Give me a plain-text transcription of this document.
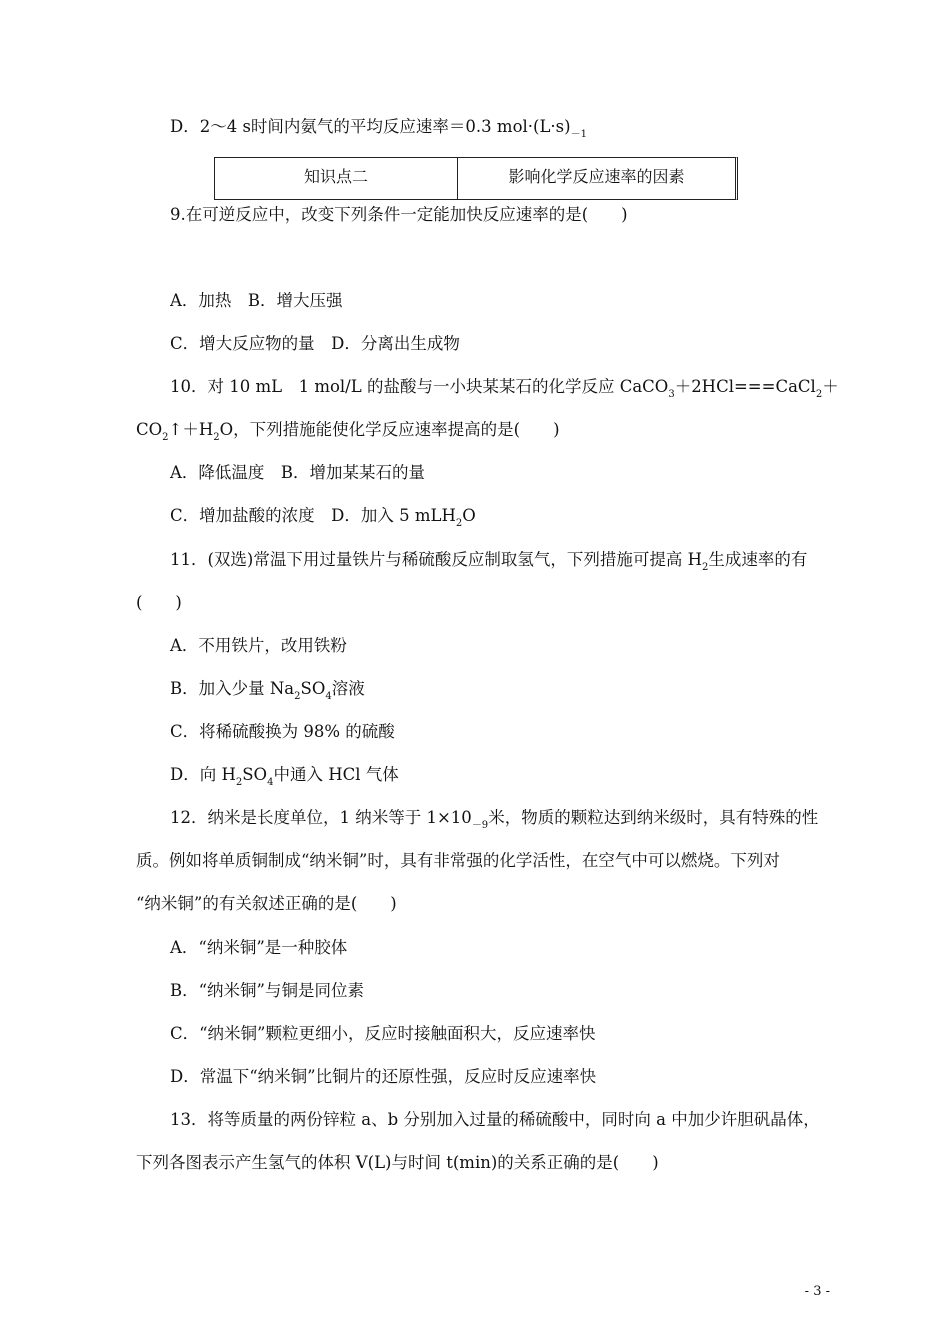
D．2～4 s时间内氨气的平均反应速率＝0.3 $mol\cdot(L\cdot s)_{-1}$
知识点二	影响化学反应速率的因素
9.在可逆反应中，改变下列条件一定能加快反应速率的是(　　)
A．加热　B．增大压强
C．增大反应物的量　D．分离出生成物
10．对 10 mL　1 mol/L 的盐酸与一小块某某石的化学反应 CaCO$_3$＋2HCl===CaCl$_2$＋
$CO_2↑+H_2O$，下列措施能使化学反应速率提高的是(　　)
A．降低温度　B．增加某某石的量
C．增加盐酸的浓度　D．加入 5 mLH$_2$O
11．(双选)常温下用过量铁片与稀硫酸反应制取氢气，下列措施可提高 $H_2$生成速率的有
(　　)
A．不用铁片，改用铁粉
B．加入少量 $Na_2SO_4$溶液
C．将稀硫酸换为 98% 的硫酸
D．向 $H_2SO_4$中通入 HCl 气体
12．纳米是长度单位，1 纳米等于 $1\times 10_{-9}$米，物质的颗粒达到纳米级时，具有特殊的性
质。例如将单质铜制成“纳米铜”时，具有非常强的化学活性，在空气中可以燃烧。下列对
“纳米铜”的有关叙述正确的是(　　)
A．“纳米铜”是一种胶体
B．“纳米铜”与铜是同位素
C．“纳米铜”颗粒更细小，反应时接触面积大，反应速率快
D．常温下“纳米铜”比铜片的还原性强，反应时反应速率快
13．将等质量的两份锌粒 a、b 分别加入过量的稀硫酸中，同时向 a 中加少许胆矾晶体，
下列各图表示产生氢气的体积 V(L)与时间 t(min)的关系正确的是(　　)
- 3 -
